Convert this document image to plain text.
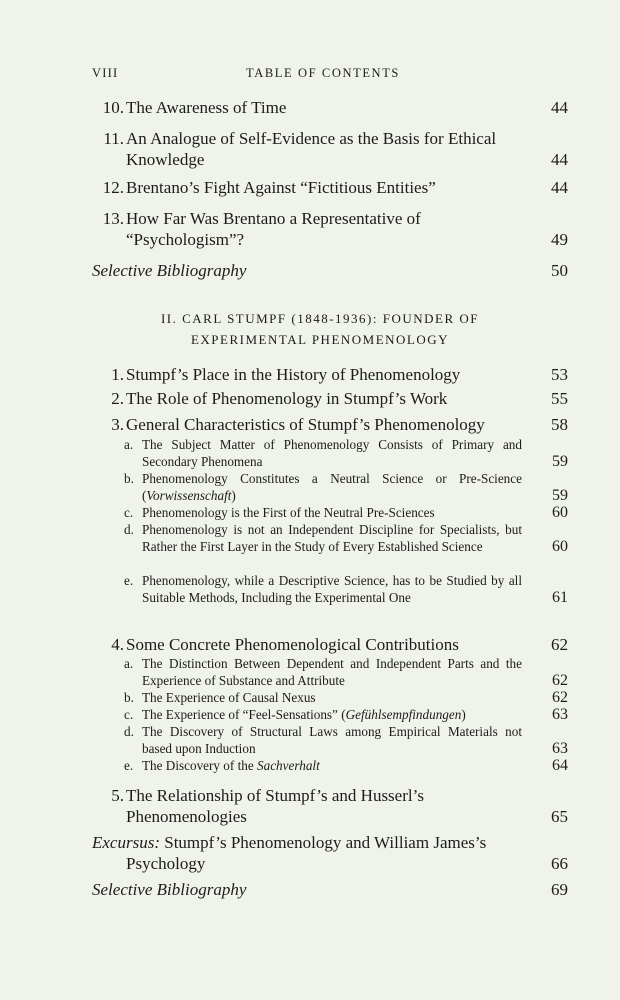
VIII	TABLE OF CONTENTS
10. The Awareness of Time	44
11. An Analogue of Self-Evidence as the Basis for Ethical Knowledge	44
12. Brentano’s Fight Against “Fictitious Entities”	44
13. How Far Was Brentano a Representative of “Psychologism”?	49
Selective Bibliography	50
II. CARL STUMPF (1848-1936): FOUNDER OF
EXPERIMENTAL PHENOMENOLOGY
1. Stumpf’s Place in the History of Phenomenology	53
2. The Role of Phenomenology in Stumpf’s Work	55
3. General Characteristics of Stumpf’s Phenomenology	58
a. The Subject Matter of Phenomenology Consists of Primary and Secondary Phenomena	59
b. Phenomenology Constitutes a Neutral Science or Pre-Science (Vorwissenschaft)	59
c. Phenomenology is the First of the Neutral Pre-Sciences	60
d. Phenomenology is not an Independent Discipline for Specialists, but Rather the First Layer in the Study of Every Established Science	60
e. Phenomenology, while a Descriptive Science, has to be Studied by all Suitable Methods, Including the Experimental One	61
4. Some Concrete Phenomenological Contributions	62
a. The Distinction Between Dependent and Independent Parts and the Experience of Substance and Attribute	62
b. The Experience of Causal Nexus	62
c. The Experience of “Feel-Sensations” (Gefühlsempfindungen)	63
d. The Discovery of Structural Laws among Empirical Materials not based upon Induction	63
e. The Discovery of the Sachverhalt	64
5. The Relationship of Stumpf’s and Husserl’s Phenomenologies	65
Excursus: Stumpf’s Phenomenology and William James’s Psychology	66
Selective Bibliography	69
